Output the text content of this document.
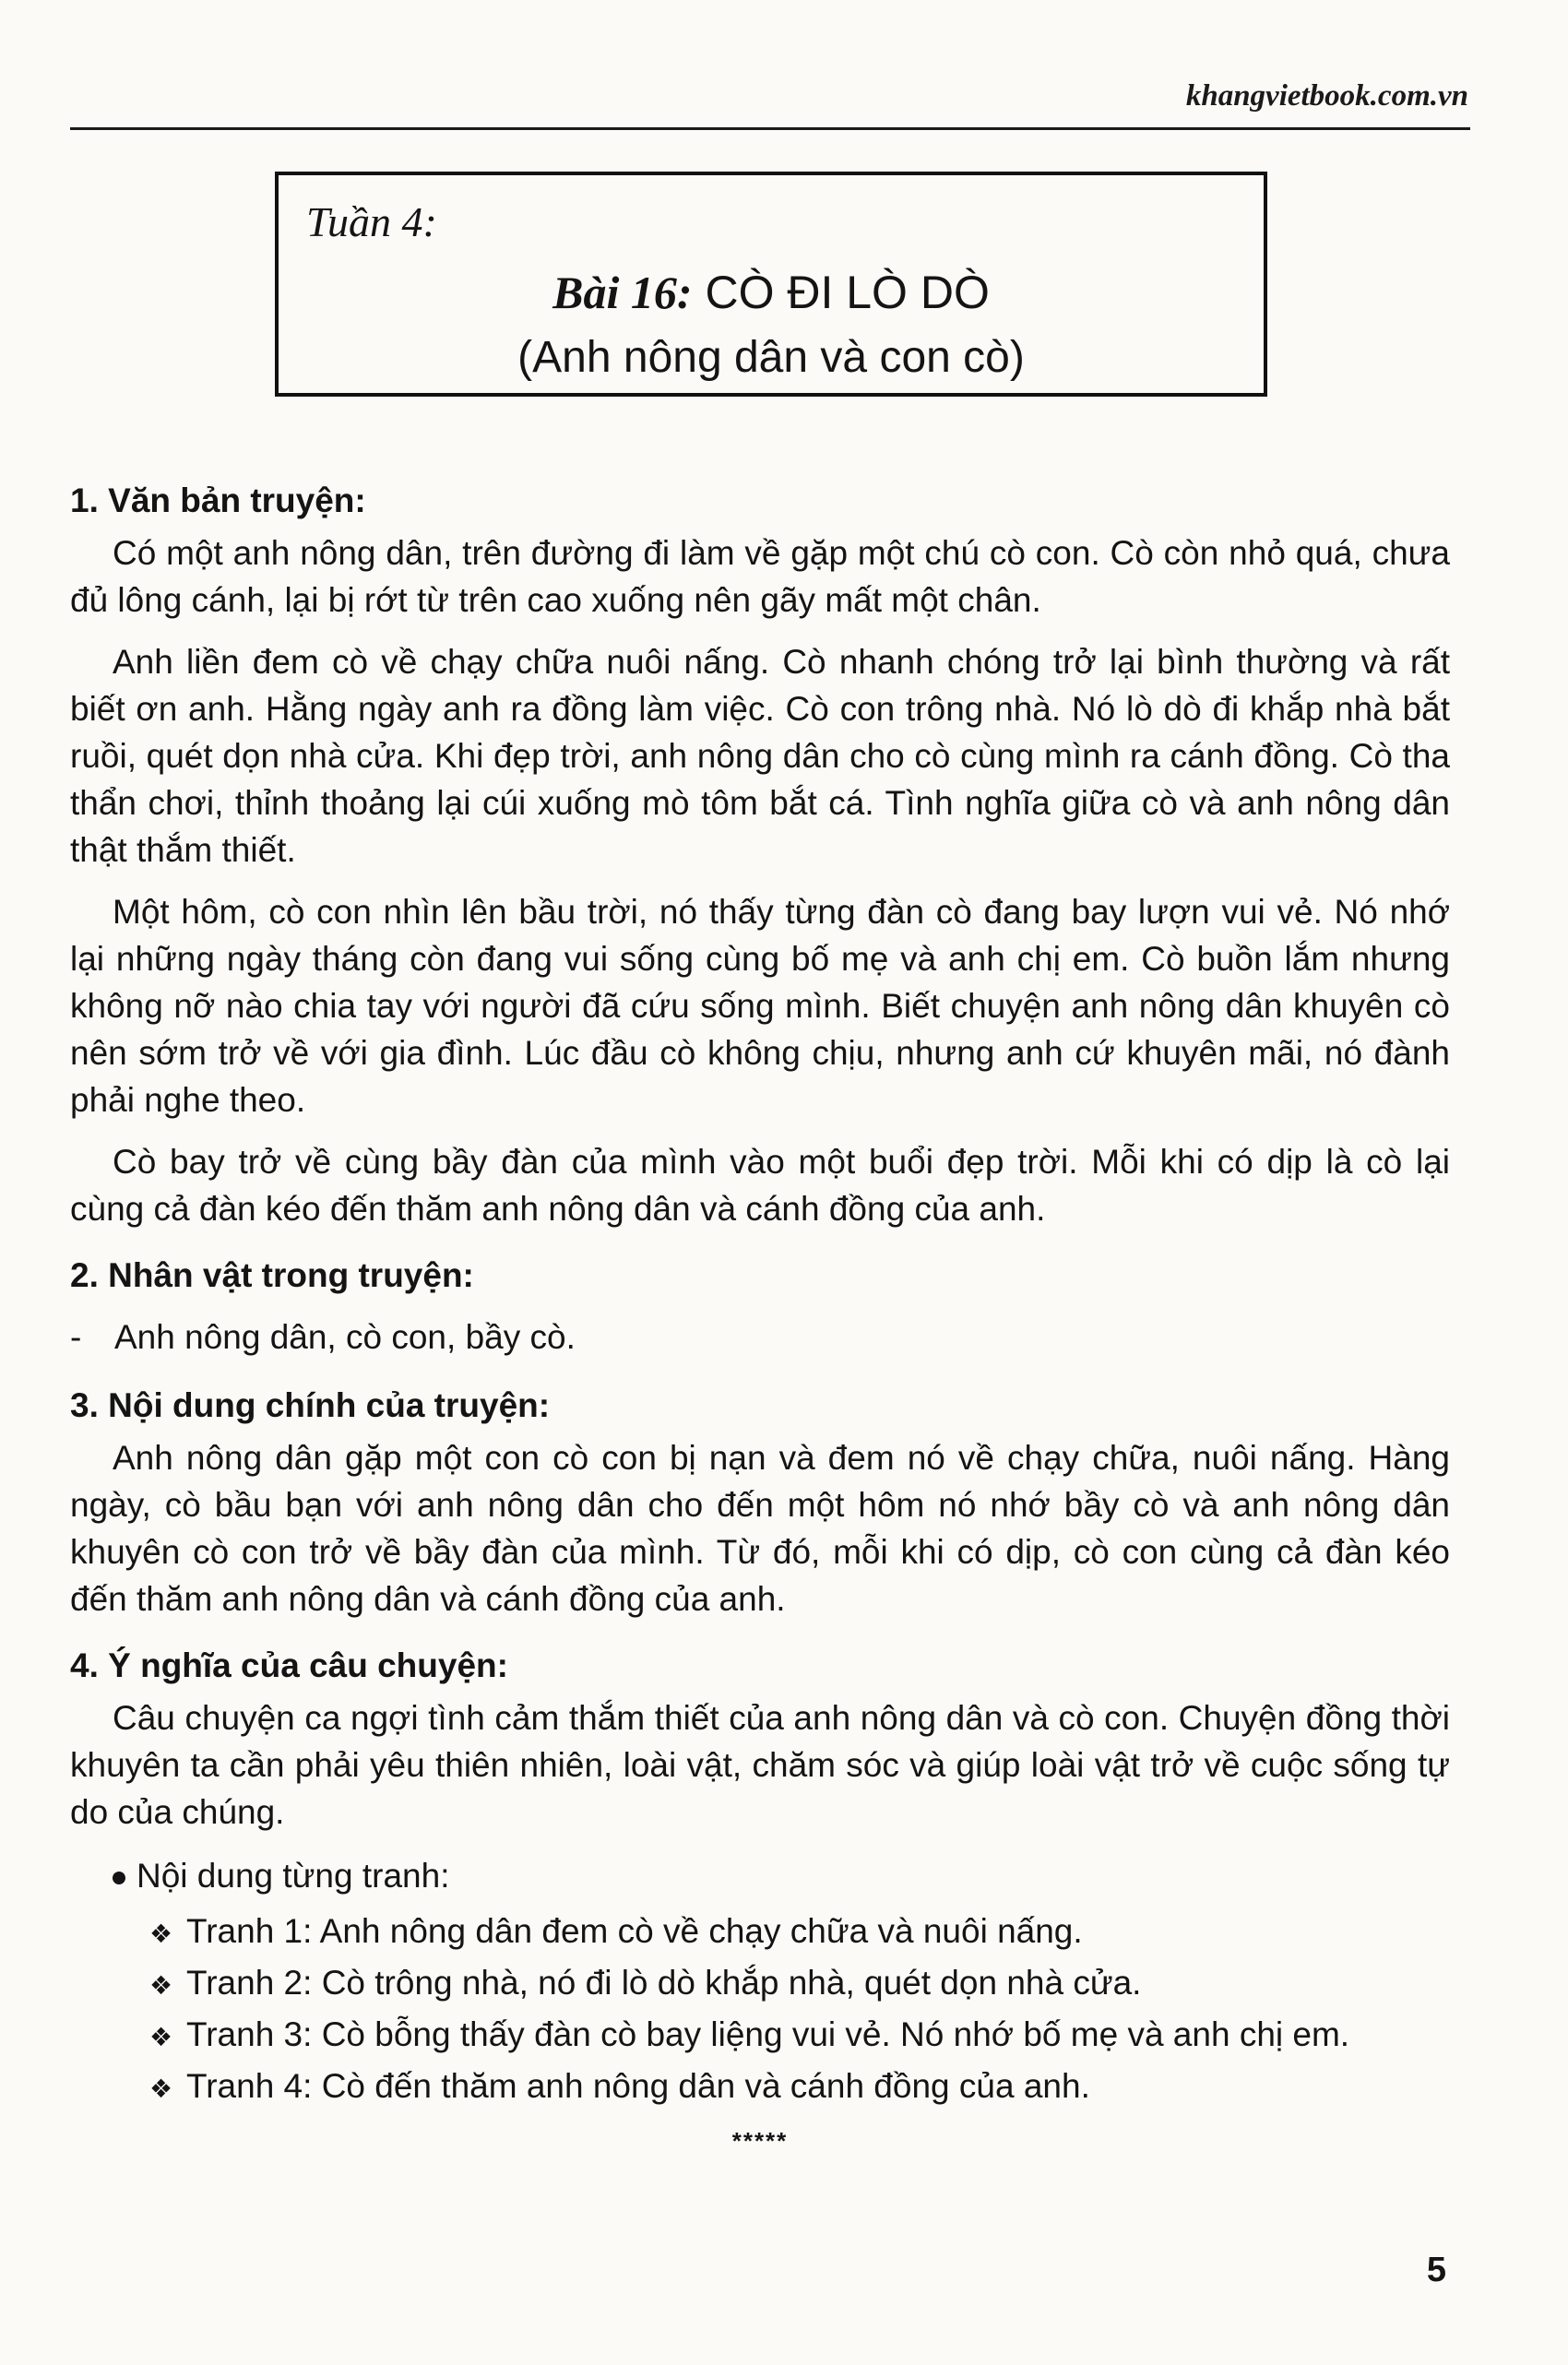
khangvietbook.com.vn
Tuần 4:
Bài 16: CÒ ĐI LÒ DÒ
(Anh nông dân và con cò)

1. Văn bản truyện:

Có một anh nông dân, trên đường đi làm về gặp một chú cò con. Cò còn nhỏ quá, chưa đủ lông cánh, lại bị rớt từ trên cao xuống nên gãy mất một chân.

Anh liền đem cò về chạy chữa nuôi nấng. Cò nhanh chóng trở lại bình thường và rất biết ơn anh. Hằng ngày anh ra đồng làm việc. Cò con trông nhà. Nó lò dò đi khắp nhà bắt ruồi, quét dọn nhà cửa. Khi đẹp trời, anh nông dân cho cò cùng mình ra cánh đồng. Cò tha thẩn chơi, thỉnh thoảng lại cúi xuống mò tôm bắt cá. Tình nghĩa giữa cò và anh nông dân thật thắm thiết.

Một hôm, cò con nhìn lên bầu trời, nó thấy từng đàn cò đang bay lượn vui vẻ. Nó nhớ lại những ngày tháng còn đang vui sống cùng bố mẹ và anh chị em. Cò buồn lắm nhưng không nỡ nào chia tay với người đã cứu sống mình. Biết chuyện anh nông dân khuyên cò nên sớm trở về với gia đình. Lúc đầu cò không chịu, nhưng anh cứ khuyên mãi, nó đành phải nghe theo.

Cò bay trở về cùng bầy đàn của mình vào một buổi đẹp trời. Mỗi khi có dịp là cò lại cùng cả đàn kéo đến thăm anh nông dân và cánh đồng của anh.

2. Nhân vật trong truyện:

- Anh nông dân, cò con, bầy cò.

3. Nội dung chính của truyện:

Anh nông dân gặp một con cò con bị nạn và đem nó về chạy chữa, nuôi nấng. Hàng ngày, cò bầu bạn với anh nông dân cho đến một hôm nó nhớ bầy cò và anh nông dân khuyên cò con trở về bầy đàn của mình. Từ đó, mỗi khi có dịp, cò con cùng cả đàn kéo đến thăm anh nông dân và cánh đồng của anh.

4. Ý nghĩa của câu chuyện:

Câu chuyện ca ngợi tình cảm thắm thiết của anh nông dân và cò con. Chuyện đồng thời khuyên ta cần phải yêu thiên nhiên, loài vật, chăm sóc và giúp loài vật trở về cuộc sống tự do của chúng.

Nội dung từng tranh:
❖ Tranh 1: Anh nông dân đem cò về chạy chữa và nuôi nấng.
❖ Tranh 2: Cò trông nhà, nó đi lò dò khắp nhà, quét dọn nhà cửa.
❖ Tranh 3: Cò bỗng thấy đàn cò bay liệng vui vẻ. Nó nhớ bố mẹ và anh chị em.
❖ Tranh 4: Cò đến thăm anh nông dân và cánh đồng của anh.
*****
5
